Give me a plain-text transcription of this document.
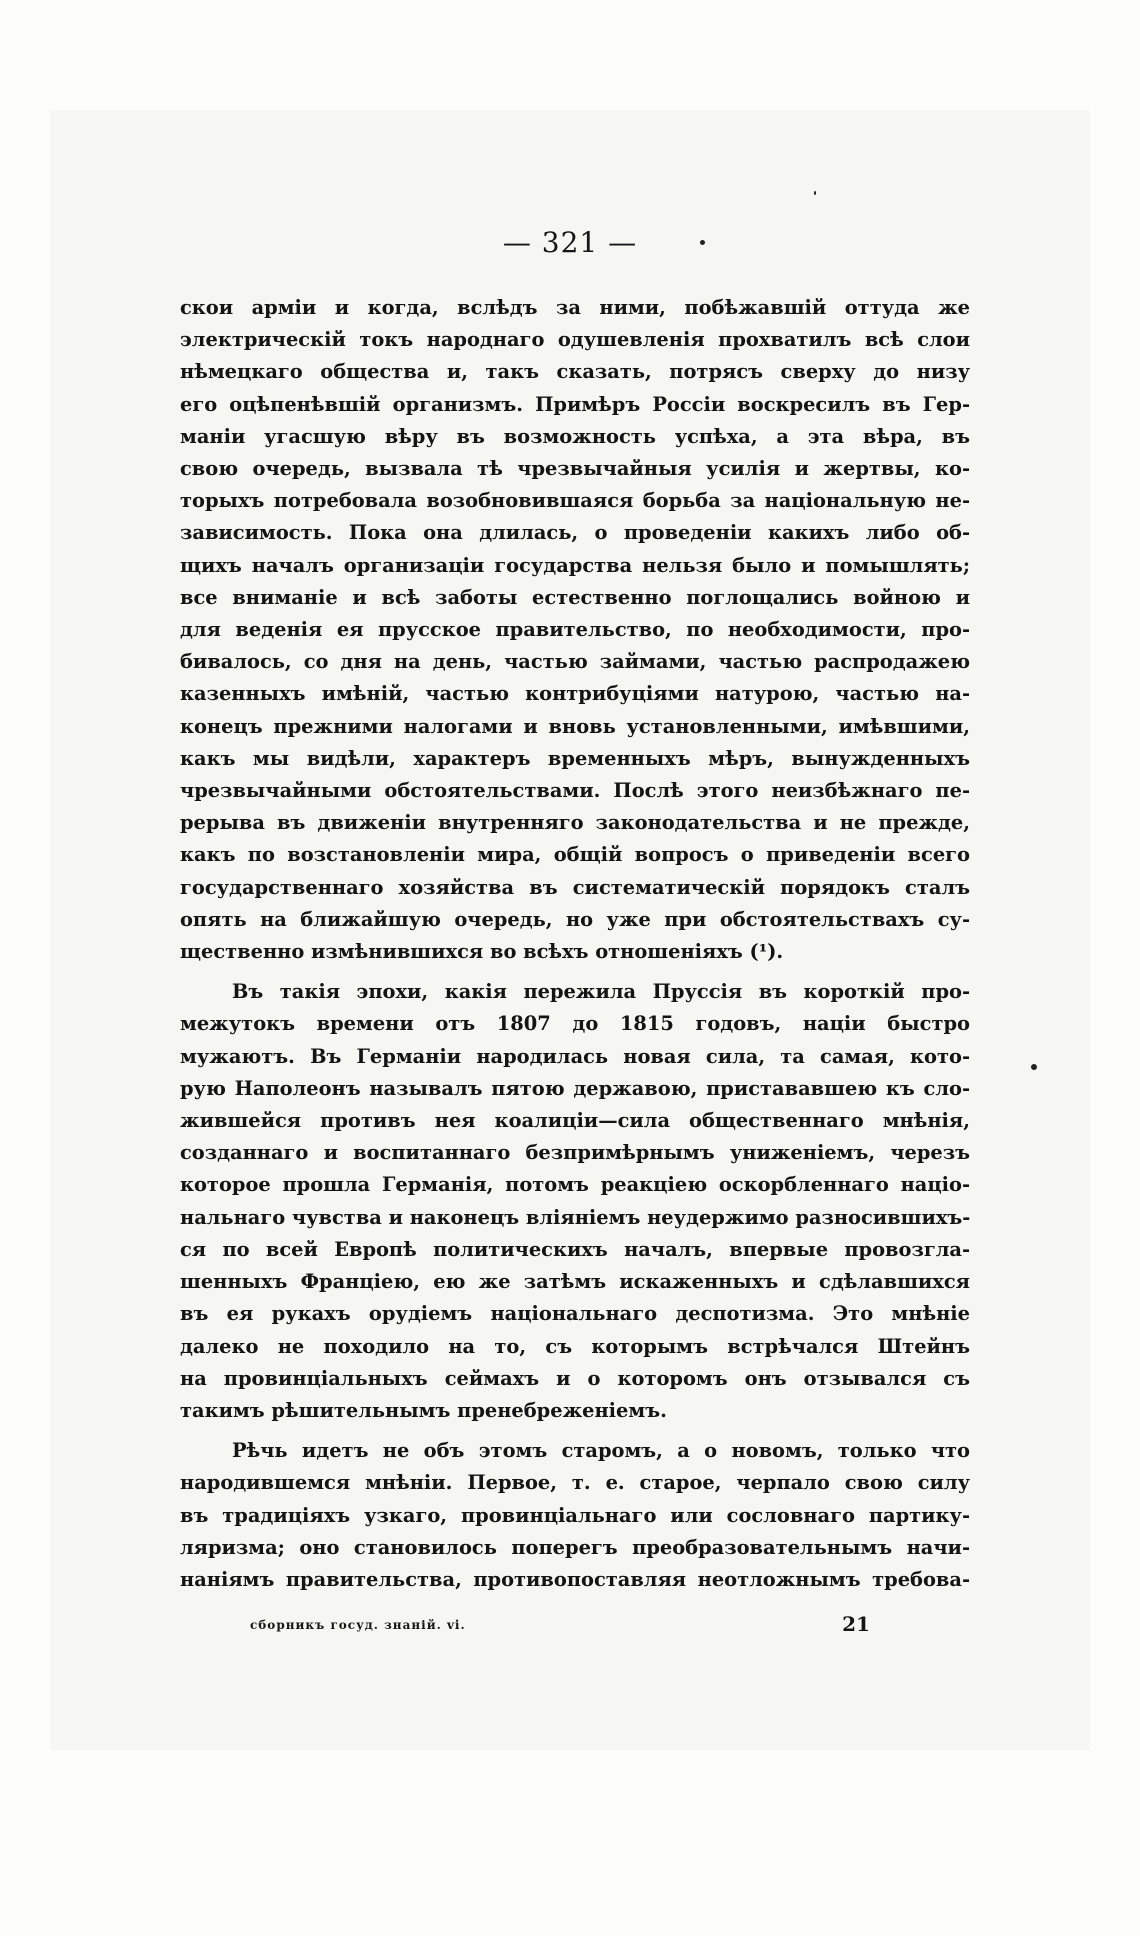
— 321 —

скои арміи и когда, вслѣдъ за ними, побѣжавшій оттуда же
электрическій токъ народнаго одушевленія прохватилъ всѣ слои
нѣмецкаго общества и, такъ сказать, потрясъ сверху до низу
его оцѣпенѣвшій организмъ. Примѣръ Россіи воскресилъ въ Гер-
маніи угасшую вѣру въ возможность успѣха, а эта вѣра, въ
свою очередь, вызвала тѣ чрезвычайныя усилія и жертвы, ко-
торыхъ потребовала возобновившаяся борьба за національную не-
зависимость. Пока она длилась, о проведеніи какихъ либо об-
щихъ началъ организаціи государства нельзя было и помышлять;
все вниманіе и всѣ заботы естественно поглощались войною и
для веденія ея прусское правительство, по необходимости, про-
бивалось, со дня на день, частью займами, частью распродажею
казенныхъ имѣній, частью контрибуціями натурою, частью на-
конецъ прежними налогами и вновь установленными, имѣвшими,
какъ мы видѣли, характеръ временныхъ мѣръ, вынужденныхъ
чрезвычайными обстоятельствами. Послѣ этого неизбѣжнаго пе-
рерыва въ движеніи внутренняго законодательства и не прежде,
какъ по возстановленіи мира, общій вопросъ о приведеніи всего
государственнаго хозяйства въ систематическій порядокъ сталъ
опять на ближайшую очередь, но уже при обстоятельствахъ су-
щественно измѣнившихся во всѣхъ отношеніяхъ (¹).

Въ такія эпохи, какія пережила Пруссія въ короткій про-
межутокъ времени отъ 1807 до 1815 годовъ, націи быстро
мужаютъ. Въ Германіи народилась новая сила, та самая, кото-
рую Наполеонъ называлъ пятою державою, пристававшею къ сло-
жившейся противъ нея коалиціи—сила общественнаго мнѣнія,
созданнаго и воспитаннаго безпримѣрнымъ униженіемъ, черезъ
которое прошла Германія, потомъ реакціею оскорбленнаго націо-
нальнаго чувства и наконецъ вліяніемъ неудержимо разносившихъ-
ся по всей Европѣ политическихъ началъ, впервые провозгла-
шенныхъ Франціею, ею же затѣмъ искаженныхъ и сдѣлавшихся
въ ея рукахъ орудіемъ національнаго деспотизма. Это мнѣніе
далеко не походило на то, съ которымъ встрѣчался Штейнъ
на провинціальныхъ сеймахъ и о которомъ онъ отзывался съ
такимъ рѣшительнымъ пренебреженіемъ.

Рѣчь идетъ не объ этомъ старомъ, а о новомъ, только что
народившемся мнѣніи. Первое, т. е. старое, черпало свою силу
въ традиціяхъ узкаго, провинціальнаго или сословнаго партику-
ляризма; оно становилось поперегъ преобразовательнымъ начи-
наніямъ правительства, противопоставляя неотложнымъ требова-

сборникъ госуд. знаній. vi.	21
